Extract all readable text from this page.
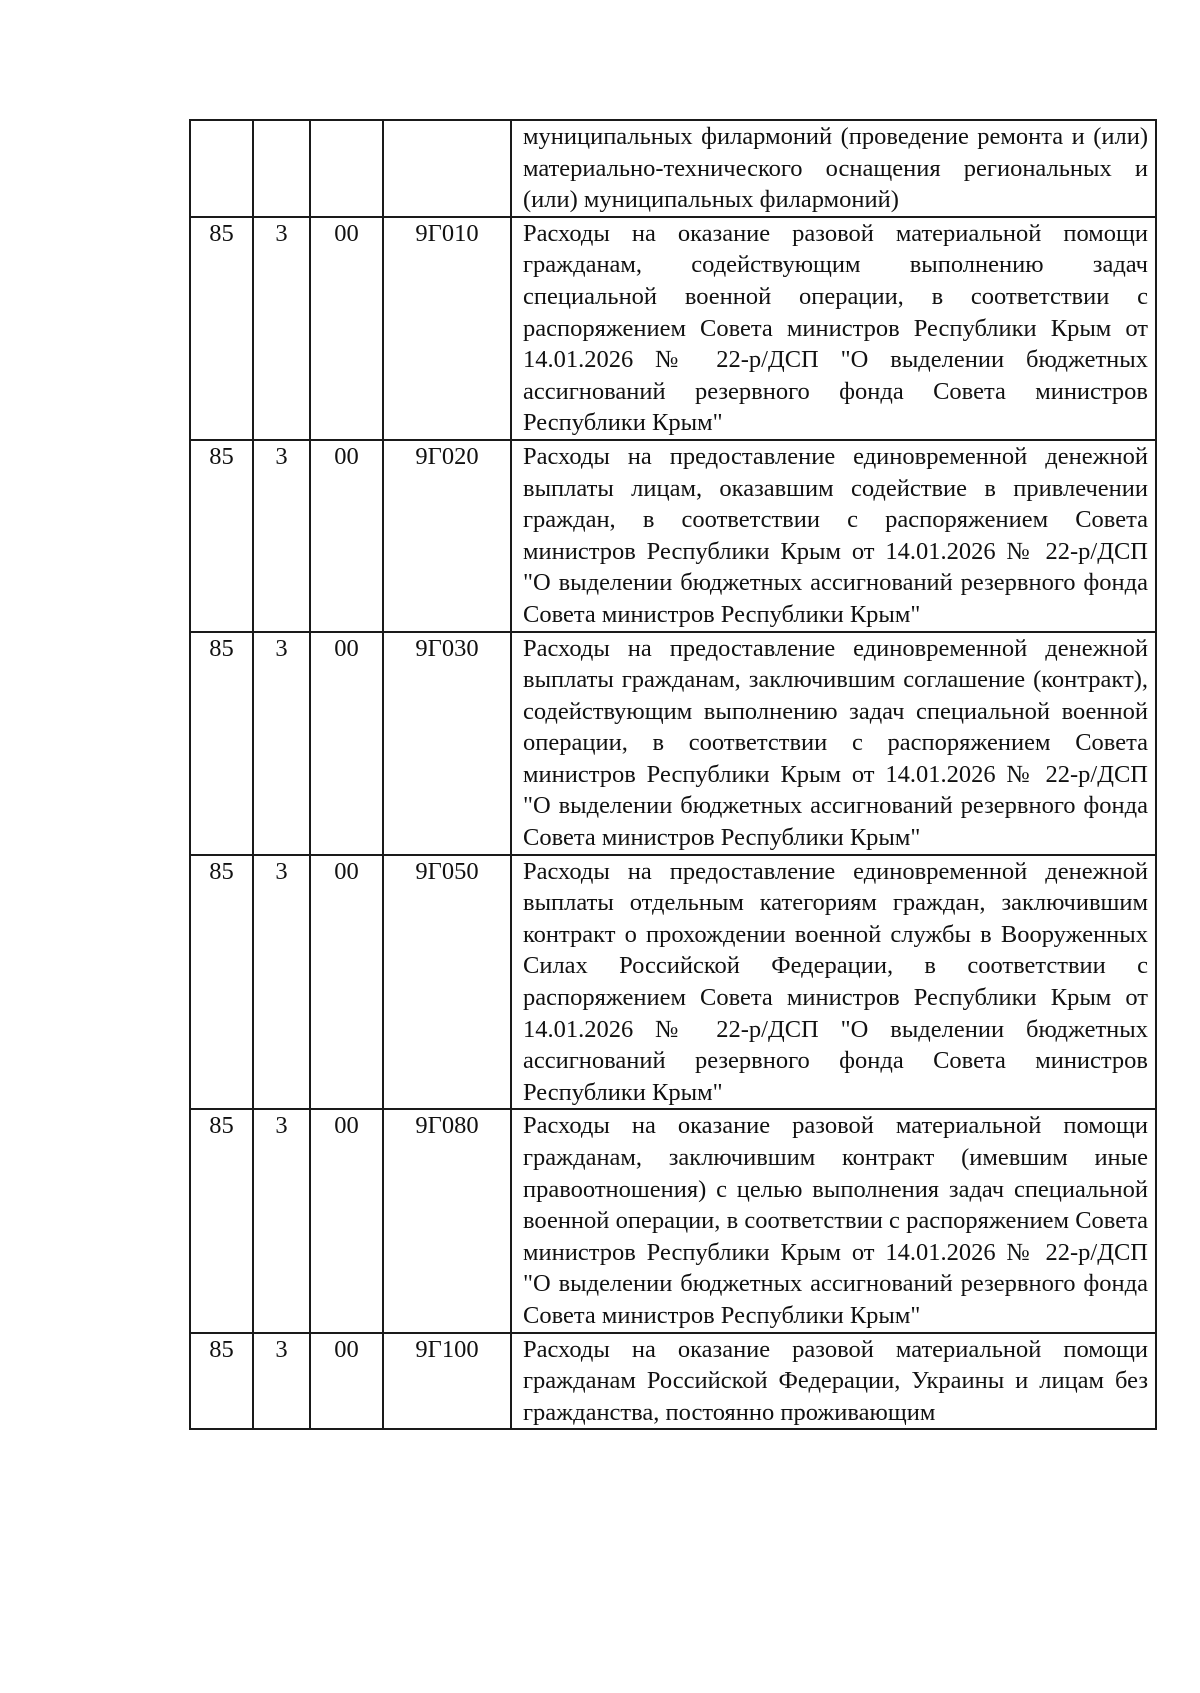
				муниципальных филармоний (проведение ремонта и (или) материально-технического оснащения региональных и (или) муниципальных филармоний)
85	3	00	9Г010	Расходы на оказание разовой материальной помощи гражданам, содействующим выполнению задач специальной военной операции, в соответствии с распоряжением Совета министров Республики Крым от 14.01.2026 № 22-р/ДСП "О выделении бюджетных ассигнований резервного фонда Совета министров Республики Крым"
85	3	00	9Г020	Расходы на предоставление единовременной денежной выплаты лицам, оказавшим содействие в привлечении граждан, в соответствии с распоряжением Совета министров Республики Крым от 14.01.2026 № 22-р/ДСП "О выделении бюджетных ассигнований резервного фонда Совета министров Республики Крым"
85	3	00	9Г030	Расходы на предоставление единовременной денежной выплаты гражданам, заключившим соглашение (контракт), содействующим выполнению задач специальной военной операции, в соответствии с распоряжением Совета министров Республики Крым от 14.01.2026 № 22-р/ДСП "О выделении бюджетных ассигнований резервного фонда Совета министров Республики Крым"
85	3	00	9Г050	Расходы на предоставление единовременной денежной выплаты отдельным категориям граждан, заключившим контракт о прохождении военной службы в Вооруженных Силах Российской Федерации, в соответствии с распоряжением Совета министров Республики Крым от 14.01.2026 № 22-р/ДСП "О выделении бюджетных ассигнований резервного фонда Совета министров Республики Крым"
85	3	00	9Г080	Расходы на оказание разовой материальной помощи гражданам, заключившим контракт (имевшим иные правоотношения) с целью выполнения задач специальной военной операции, в соответствии с распоряжением Совета министров Республики Крым от 14.01.2026 № 22-р/ДСП "О выделении бюджетных ассигнований резервного фонда Совета министров Республики Крым"
85	3	00	9Г100	Расходы на оказание разовой материальной помощи гражданам Российской Федерации, Украины и лицам без гражданства, постоянно проживающим
